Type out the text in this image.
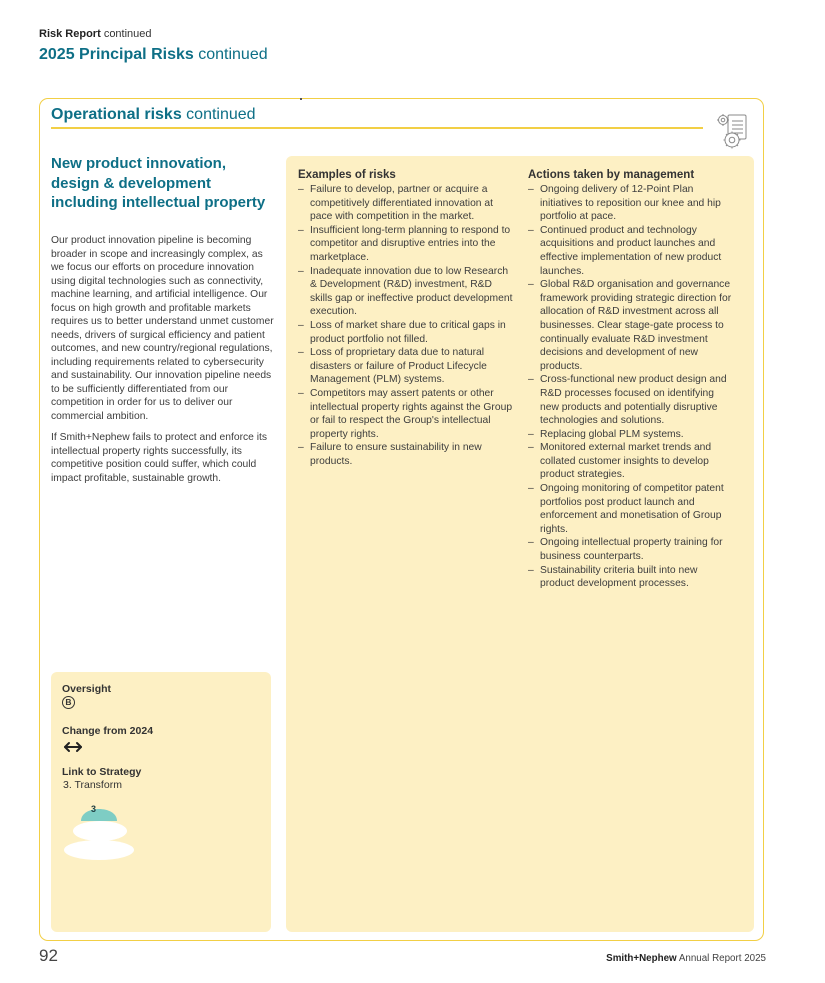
Risk Report continued
2025 Principal Risks continued
Operational risks continued
New product innovation, design & development including intellectual property

Our product innovation pipeline is becoming broader in scope and increasingly complex, as we focus our efforts on procedure innovation using digital technologies such as connectivity, machine learning, and artificial intelligence. Our focus on high growth and profitable markets requires us to better understand unmet customer needs, drivers of surgical efficiency and patient outcomes, and new country/regional regulations, including requirements related to cybersecurity and sustainability. Our innovation pipeline needs to be sufficiently differentiated from our competition in order for us to deliver our commercial ambition.

If Smith+Nephew fails to protect and enforce its intellectual property rights successfully, its competitive position could suffer, which could impact profitable, sustainable growth.

Oversight
B
Change from 2024
Link to Strategy
3. Transform
3
Examples of risks
– Failure to develop, partner or acquire a competitively differentiated innovation at pace with competition in the market.
– Insufficient long-term planning to respond to competitor and disruptive entries into the marketplace.
– Inadequate innovation due to low Research & Development (R&D) investment, R&D skills gap or ineffective product development execution.
– Loss of market share due to critical gaps in product portfolio not filled.
– Loss of proprietary data due to natural disasters or failure of Product Lifecycle Management (PLM) systems.
– Competitors may assert patents or other intellectual property rights against the Group or fail to respect the Group's intellectual property rights.
– Failure to ensure sustainability in new products.
Actions taken by management
– Ongoing delivery of 12-Point Plan initiatives to reposition our knee and hip portfolio at pace.
– Continued product and technology acquisitions and product launches and effective implementation of new product launches.
– Global R&D organisation and governance framework providing strategic direction for allocation of R&D investment across all businesses. Clear stage-gate process to continually evaluate R&D investment decisions and development of new products.
– Cross-functional new product design and R&D processes focused on identifying new products and potentially disruptive technologies and solutions.
– Replacing global PLM systems.
– Monitored external market trends and collated customer insights to develop product strategies.
– Ongoing monitoring of competitor patent portfolios post product launch and enforcement and monetisation of Group rights.
– Ongoing intellectual property training for business counterparts.
– Sustainability criteria built into new product development processes.
92	Smith+Nephew Annual Report 2025
